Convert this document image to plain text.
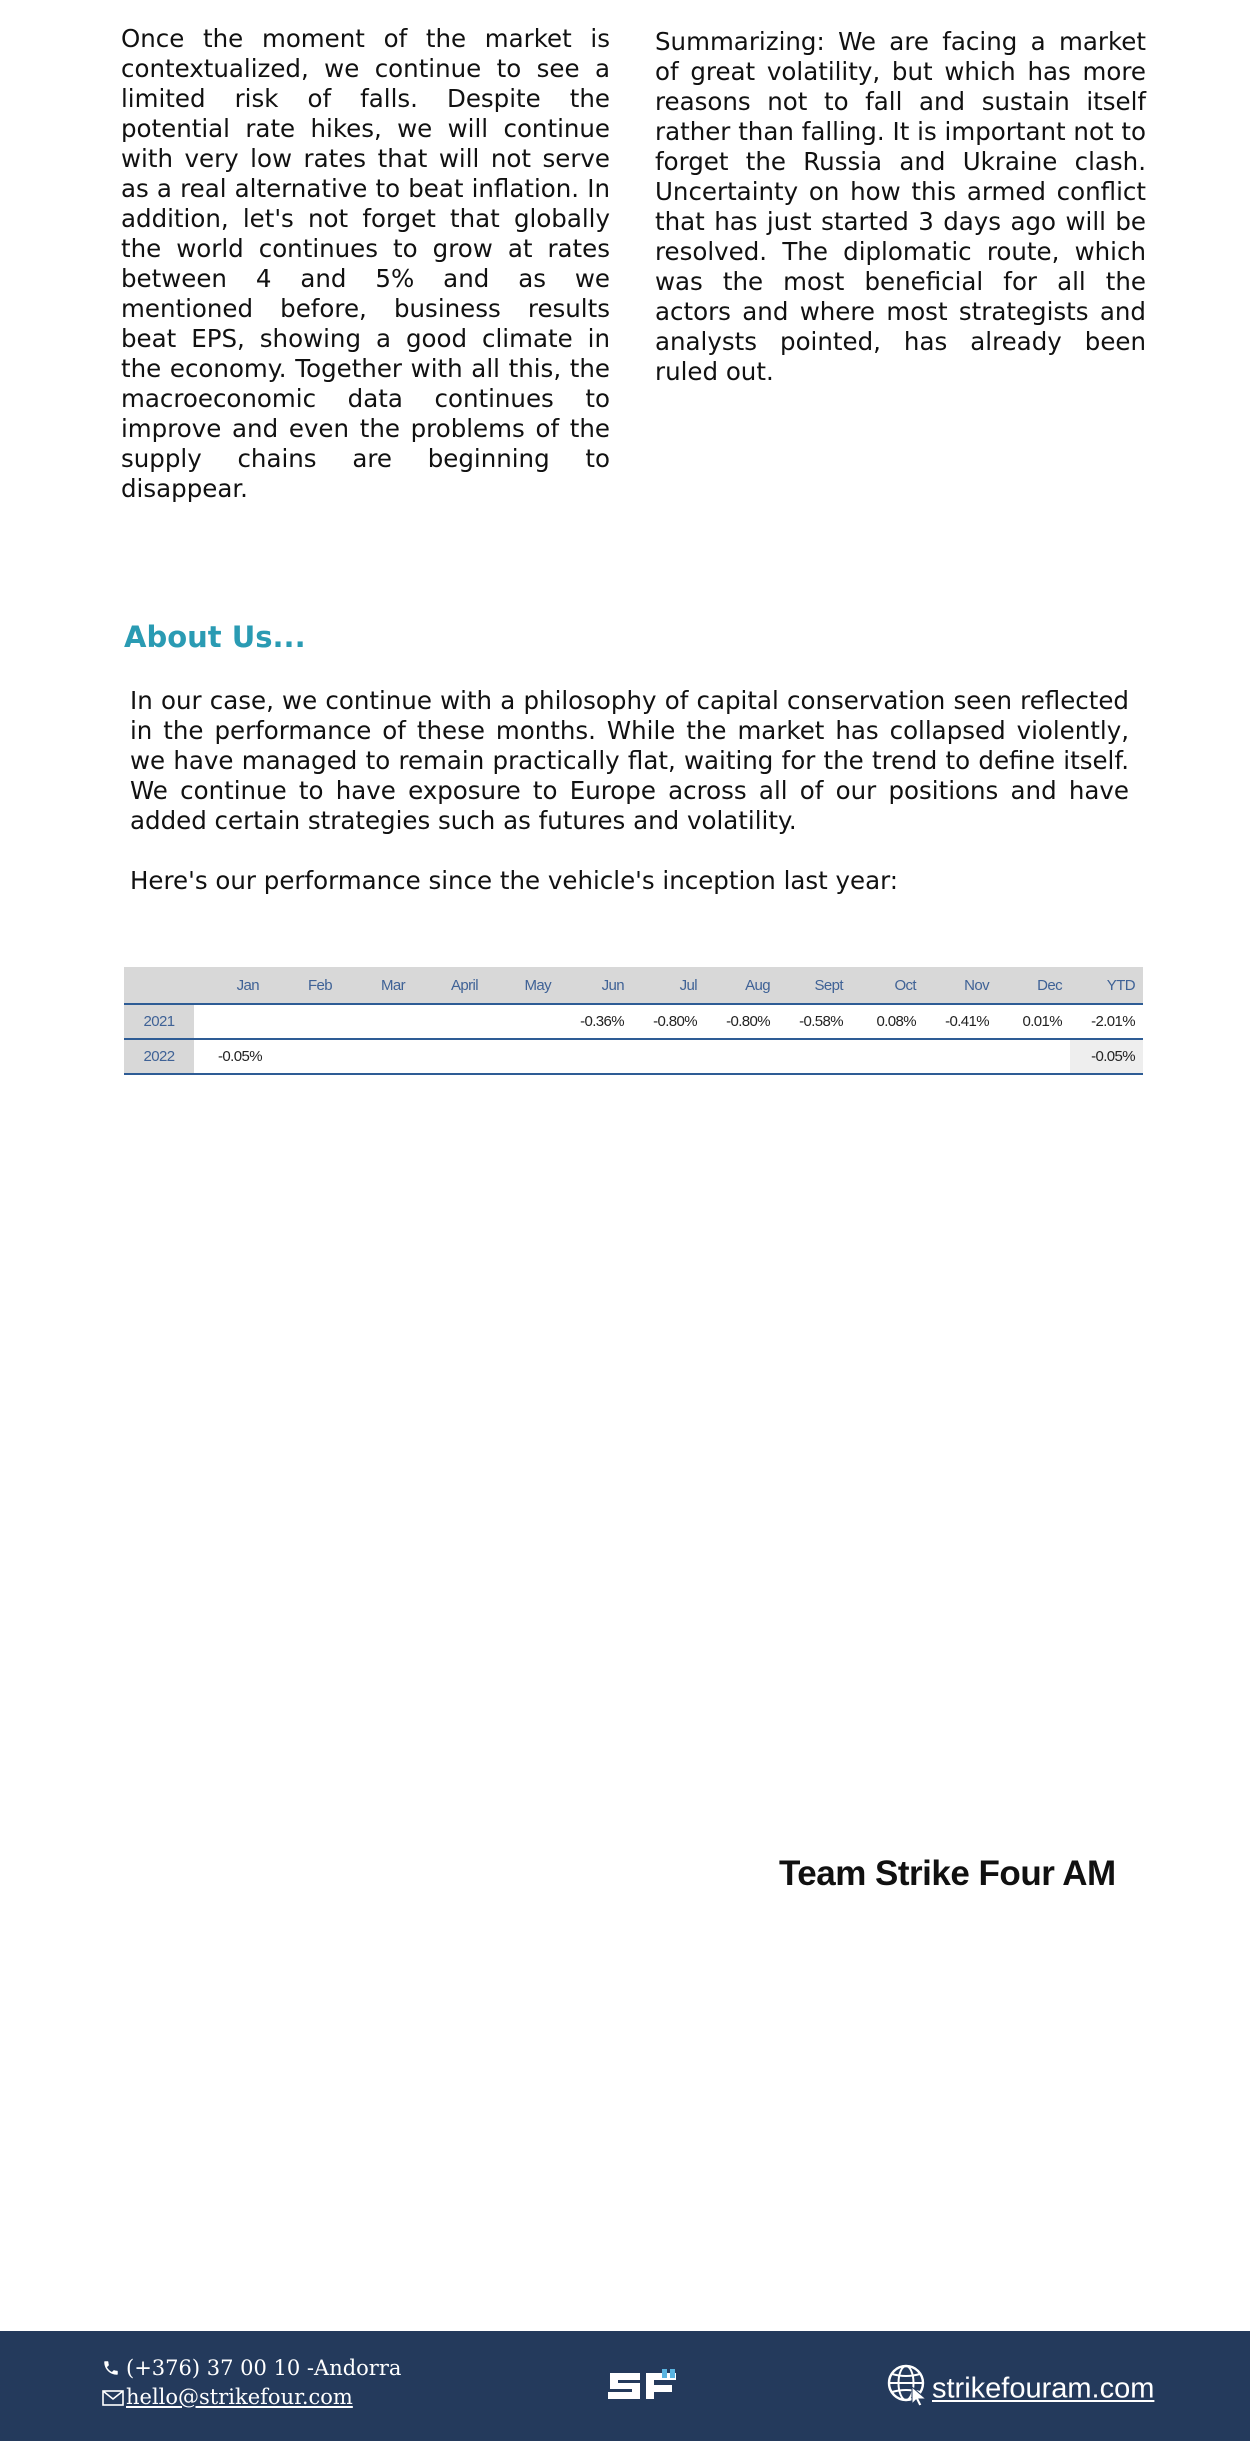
Once the moment of the market is contextualized, we continue to see a limited risk of falls. Despite the potential rate hikes, we will continue with very low rates that will not serve as a real alternative to beat inflation. In addition, let's not forget that globally the world continues to grow at rates between 4 and 5% and as we mentioned before, business results beat EPS, showing a good climate in the economy. Together with all this, the macroeconomic data continues to improve and even the problems of the supply chains are beginning to disappear.

Summarizing: We are facing a market of great volatility, but which has more reasons not to fall and sustain itself rather than falling. It is important not to forget the Russia and Ukraine clash. Uncertainty on how this armed conflict that has just started 3 days ago will be resolved. The diplomatic route, which was the most beneficial for all the actors and where most strategists and analysts pointed, has already been ruled out.

About Us...

In our case, we continue with a philosophy of capital conservation seen reflected in the performance of these months. While the market has collapsed violently, we have managed to remain practically flat, waiting for the trend to define itself. We continue to have exposure to Europe across all of our positions and have added certain strategies such as futures and volatility.

Here's our performance since the vehicle's inception last year:

	Jan	Feb	Mar	April	May	Jun	Jul	Aug	Sept	Oct	Nov	Dec	YTD
2021						-0.36%	-0.80%	-0.80%	-0.58%	0.08%	-0.41%	0.01%	-2.01%
2022	-0.05%												-0.05%

Team Strike Four AM

(+376) 37 00 10 -Andorra
hello@strikefour.com	strikefouram.com
